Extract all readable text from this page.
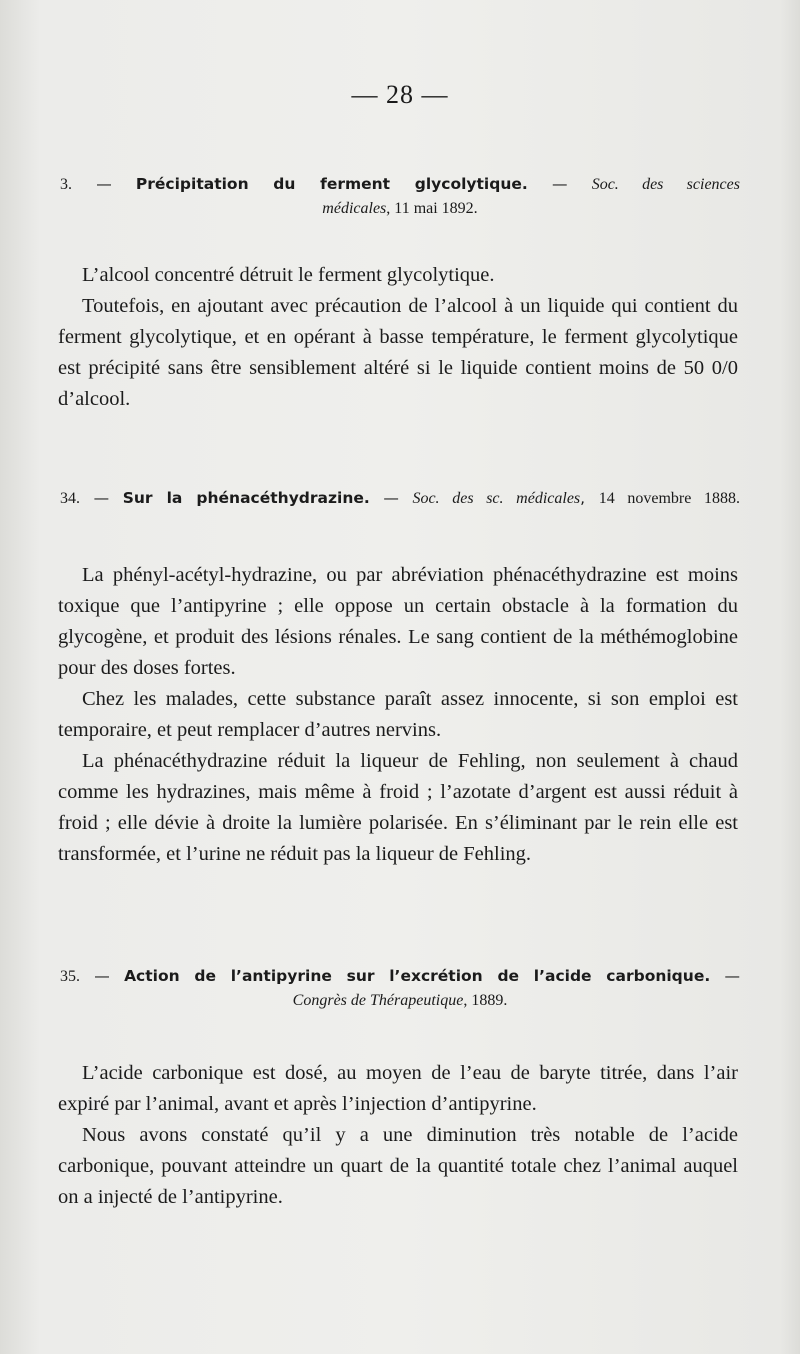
— 28 —
3. — Précipitation du ferment glycolytique. — Soc. des sciences
médicales, 11 mai 1892.

L’alcool concentré détruit le ferment glycolytique.

Toutefois, en ajoutant avec précaution de l’alcool à un liquide qui contient du ferment glycolytique, et en opérant à basse température, le ferment glycolytique est précipité sans être sensiblement altéré si le liquide contient moins de 50 0/0 d’alcool.

34. — Sur la phénacéthydrazine. — Soc. des sc. médicales, 14 novembre 1888.

La phényl-acétyl-hydrazine, ou par abréviation phénacéthydrazine est moins toxique que l’antipyrine ; elle oppose un certain obstacle à la formation du glycogène, et produit des lésions rénales. Le sang contient de la méthémoglobine pour des doses fortes.

Chez les malades, cette substance paraît assez innocente, si son emploi est temporaire, et peut remplacer d’autres nervins.

La phénacéthydrazine réduit la liqueur de Fehling, non seulement à chaud comme les hydrazines, mais même à froid ; l’azotate d’argent est aussi réduit à froid ; elle dévie à droite la lumière polarisée. En s’éliminant par le rein elle est transformée, et l’urine ne réduit pas la liqueur de Fehling.

35. — Action de l’antipyrine sur l’excrétion de l’acide carbonique. —
Congrès de Thérapeutique, 1889.

L’acide carbonique est dosé, au moyen de l’eau de baryte titrée, dans l’air expiré par l’animal, avant et après l’injection d’antipyrine.

Nous avons constaté qu’il y a une diminution très notable de l’acide carbonique, pouvant atteindre un quart de la quantité totale chez l’animal auquel on a injecté de l’antipyrine.
